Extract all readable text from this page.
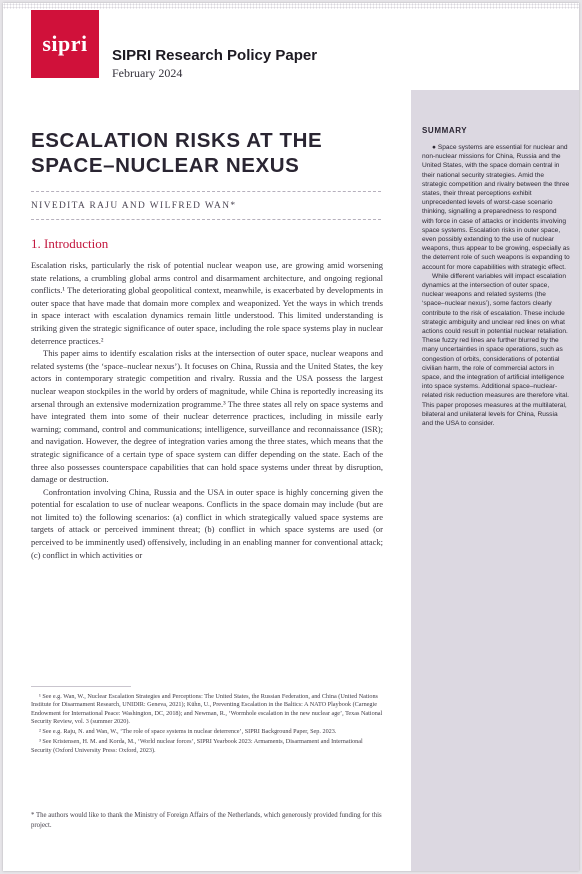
sipri	SIPRI Research Policy Paper
February 2024
SUMMARY

● Space systems are essential for nuclear and non-nuclear missions for China, Russia and the United States, with the space domain central in their national security strategies. Amid the strategic competition and rivalry between the three states, their threat perceptions exhibit unprecedented levels of worst-case scenario thinking, signalling a preparedness to respond with force in case of attacks or incidents involving space systems. Escalation risks in outer space, even possibly extending to the use of nuclear weapons, thus appear to be growing, especially as the deterrent role of such weapons is expanding to account for more capabilities with strategic effect.

While different variables will impact escalation dynamics at the intersection of outer space, nuclear weapons and related systems (the ‘space–nuclear nexus’), some factors clearly contribute to the risk of escalation. These include strategic ambiguity and unclear red lines on what actions could result in potential nuclear retaliation. These fuzzy red lines are further blurred by the many uncertainties in space operations, such as congestion of orbits, considerations of potential civilian harm, the role of commercial actors in space, and the integration of artificial intelligence into space systems. Additional space–nuclear-related risk reduction measures are therefore vital. This paper proposes measures at the multilateral, bilateral and unilateral levels for China, Russia and the USA to consider.

ESCALATION RISKS AT THE SPACE–NUCLEAR NEXUS
NIVEDITA RAJU AND WILFRED WAN*
1. Introduction

Escalation risks, particularly the risk of potential nuclear weapon use, are growing amid worsening state relations, a crumbling global arms control and disarmament architecture, and ongoing regional conflicts.¹ The deteriorating global geopolitical context, meanwhile, is exacerbated by developments in outer space that have made that domain more complex and weaponized. Yet the ways in which trends in space interact with escalation dynamics remain little understood. This limited understanding is striking given the strategic significance of outer space, including the role space systems play in nuclear deterrence practices.²

This paper aims to identify escalation risks at the intersection of outer space, nuclear weapons and related systems (the ‘space–nuclear nexus’). It focuses on China, Russia and the United States, the key actors in contemporary strategic competition and rivalry. Russia and the USA possess the largest nuclear weapon stockpiles in the world by orders of magnitude, while China is reportedly increasing its arsenal through an extensive modernization programme.³ The three states all rely on space systems and have integrated them into some of their nuclear deterrence practices, including in missile early warning; command, control and communications; intelligence, surveillance and reconnaissance (ISR); and navigation. However, the degree of integration varies among the three states, which means that the strategic significance of a certain type of space system can differ depending on the state. Each of the three also possesses counterspace capabilities that can hold space systems under threat by disruption, damage or destruction.

Confrontation involving China, Russia and the USA in outer space is highly concerning given the potential for escalation to use of nuclear weapons. Conflicts in the space domain may include (but are not limited to) the following scenarios: (a) conflict in which strategically valued space systems are targets of attack or perceived imminent threat; (b) conflict in which space systems are used (or perceived to be imminently used) offensively, including in an enabling manner for conventional attack; (c) conflict in which activities or

¹ See e.g. Wan, W., Nuclear Escalation Strategies and Perceptions: The United States, the Russian Federation, and China (United Nations Institute for Disarmament Research, UNIDIR: Geneva, 2021); Kühn, U., Preventing Escalation in the Baltics: A NATO Playbook (Carnegie Endowment for International Peace: Washington, DC, 2018); and Newman, R., ‘Wormhole escalation in the new nuclear age’, Texas National Security Review, vol. 3 (summer 2020).

² See e.g. Raju, N. and Wan, W., ‘The role of space systems in nuclear deterrence’, SIPRI Background Paper, Sep. 2023.

³ See Kristensen, H. M. and Korda, M., ‘World nuclear forces’, SIPRI Yearbook 2023: Armaments, Disarmament and International Security (Oxford University Press: Oxford, 2023).

* The authors would like to thank the Ministry of Foreign Affairs of the Netherlands, which generously provided funding for this project.
